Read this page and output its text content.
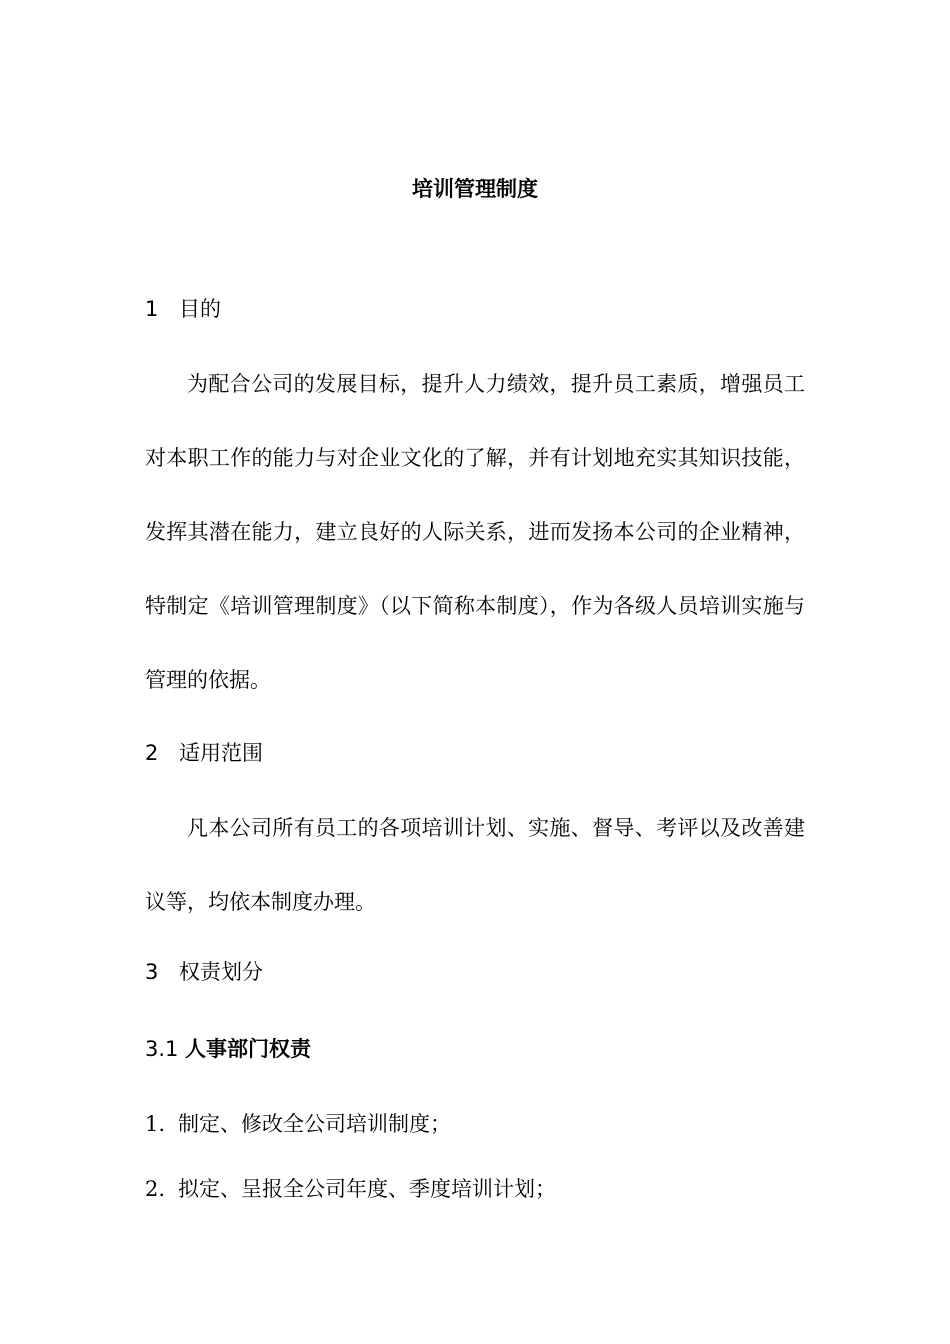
培训管理制度
1 目的

为配合公司的发展目标，提升人力绩效，提升员工素质，增强员工对本职工作的能力与对企业文化的了解，并有计划地充实其知识技能，发挥其潜在能力，建立良好的人际关系，进而发扬本公司的企业精神，特制定《培训管理制度》（以下简称本制度），作为各级人员培训实施与管理的依据。

2 适用范围

凡本公司所有员工的各项培训计划、实施、督导、考评以及改善建议等，均依本制度办理。

3 权责划分
3.1 人事部门权责
1. 制定、修改全公司培训制度；
2. 拟定、呈报全公司年度、季度培训计划；
